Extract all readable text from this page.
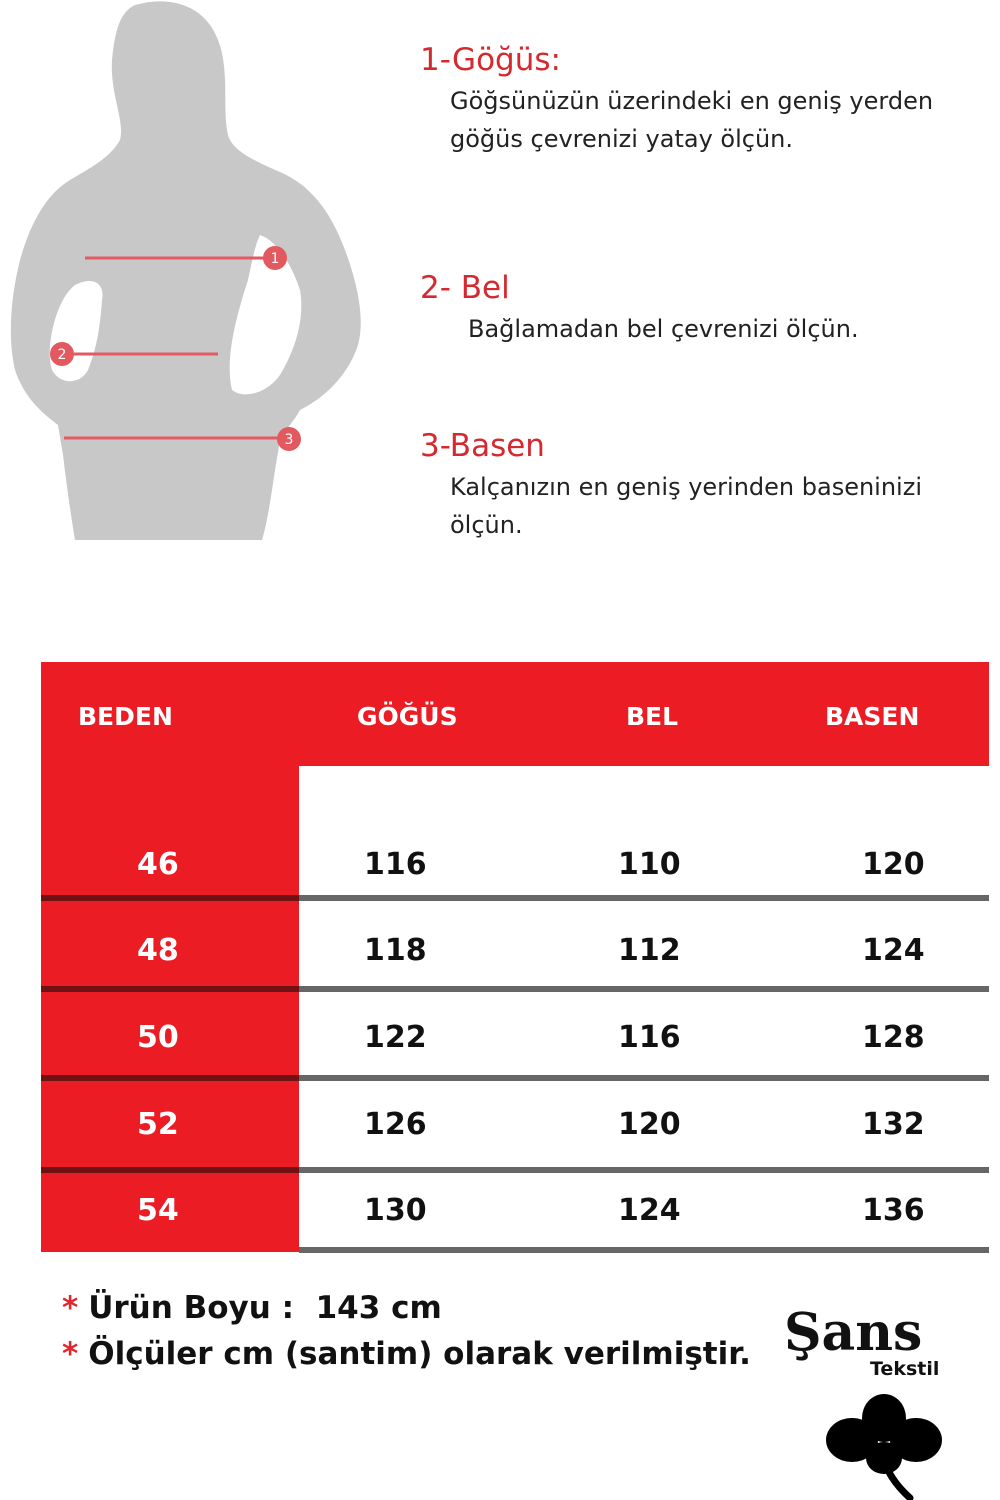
1
2
3
1-Göğüs:
Göğsünüzün üzerindeki en geniş yerden
göğüs çevrenizi yatay ölçün.
2- Bel
Bağlamadan bel çevrenizi ölçün.
3-Basen
Kalçanızın en geniş yerinden baseninizi
ölçün.
BEDEN	GÖĞÜS	BEL	BASEN
46	116	110	120
48	118	112	124
50	122	116	128
52	126	120	132
54	130	124	136
* Ürün Boyu :  143 cm
* Ölçüler cm (santim) olarak verilmiştir. Şans
Tekstil
